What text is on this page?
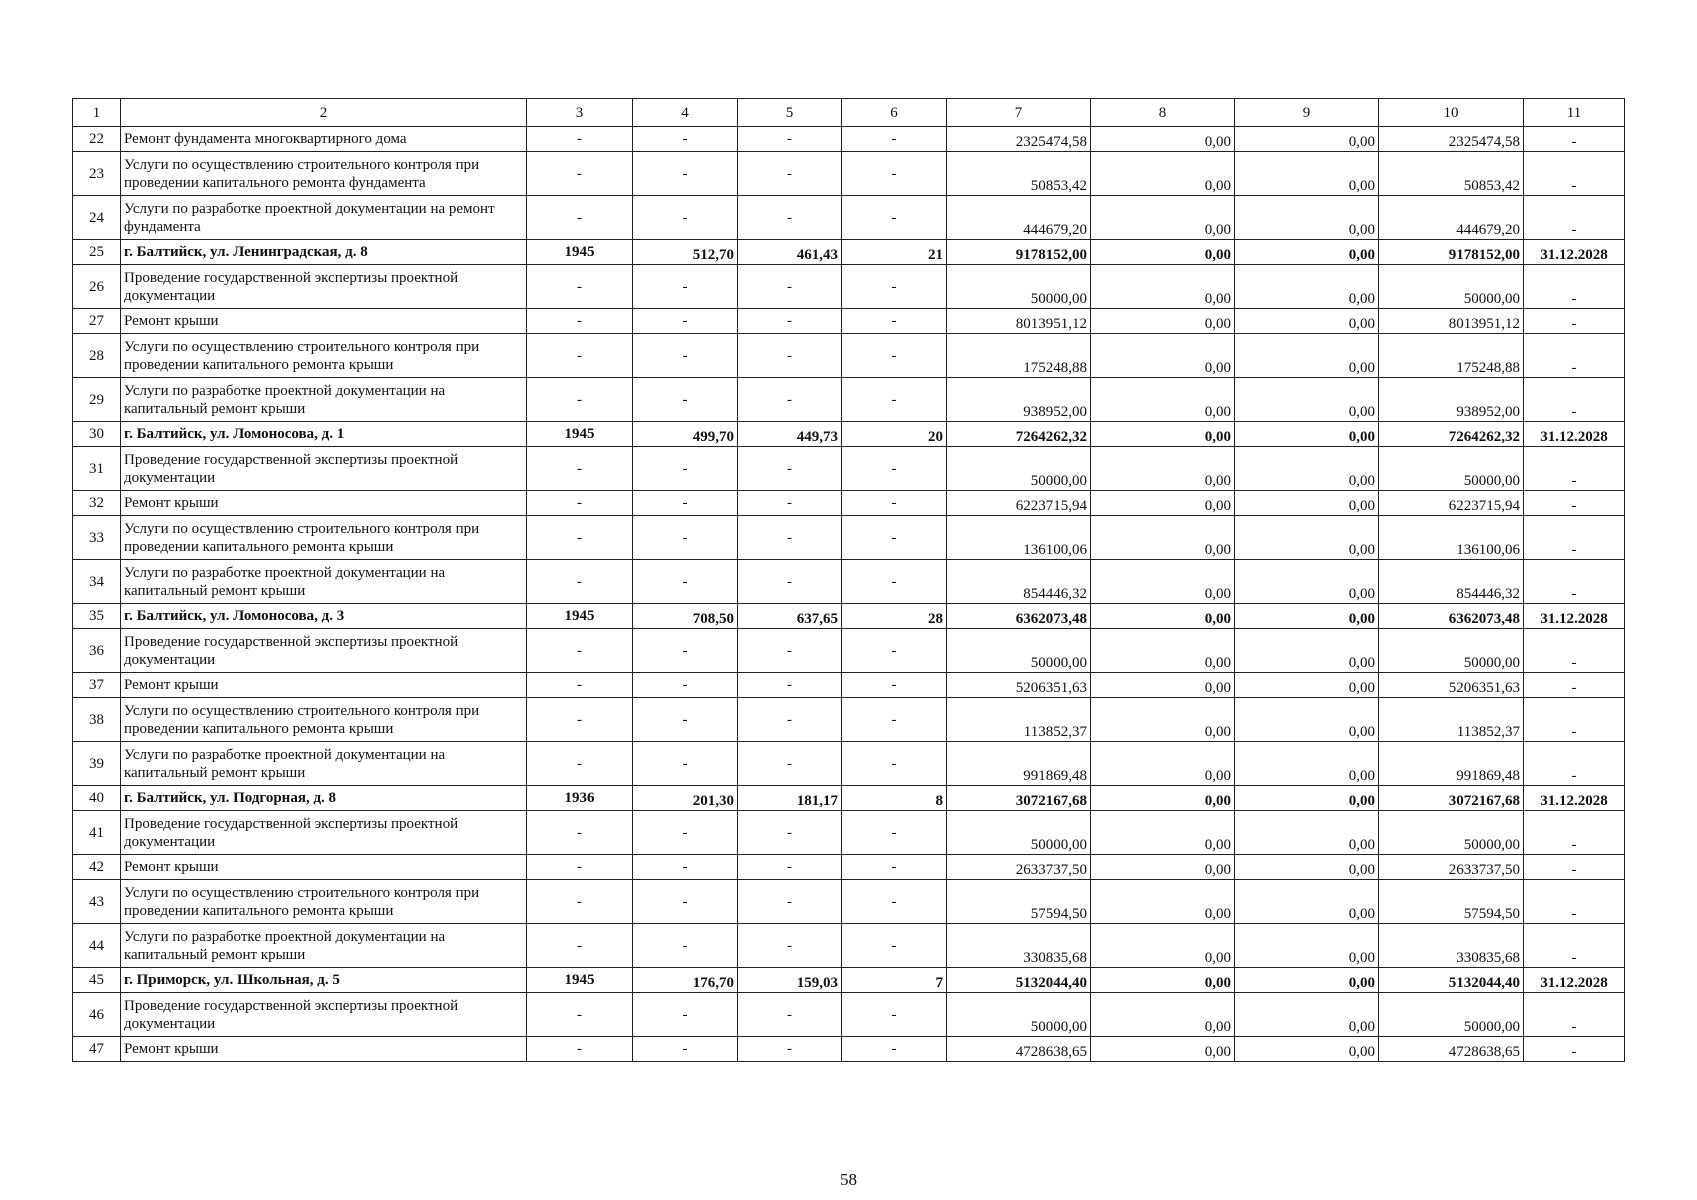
1	2	3	4	5	6	7	8	9	10	11
22	Ремонт фундамента многоквартирного дома	-	-	-	-	2325474,58	0,00	0,00	2325474,58	-
23	Услуги по осуществлению строительного контроля при проведении капитального ремонта фундамента	-	-	-	-	50853,42	0,00	0,00	50853,42	-
24	Услуги по разработке проектной документации на ремонт фундамента	-	-	-	-	444679,20	0,00	0,00	444679,20	-
25	г. Балтийск, ул. Ленинградская, д. 8	1945	512,70	461,43	21	9178152,00	0,00	0,00	9178152,00	31.12.2028
26	Проведение государственной экспертизы проектной документации	-	-	-	-	50000,00	0,00	0,00	50000,00	-
27	Ремонт крыши	-	-	-	-	8013951,12	0,00	0,00	8013951,12	-
28	Услуги по осуществлению строительного контроля при проведении капитального ремонта крыши	-	-	-	-	175248,88	0,00	0,00	175248,88	-
29	Услуги по разработке проектной документации на капитальный ремонт крыши	-	-	-	-	938952,00	0,00	0,00	938952,00	-
30	г. Балтийск, ул. Ломоносова, д. 1	1945	499,70	449,73	20	7264262,32	0,00	0,00	7264262,32	31.12.2028
31	Проведение государственной экспертизы проектной документации	-	-	-	-	50000,00	0,00	0,00	50000,00	-
32	Ремонт крыши	-	-	-	-	6223715,94	0,00	0,00	6223715,94	-
33	Услуги по осуществлению строительного контроля при проведении капитального ремонта крыши	-	-	-	-	136100,06	0,00	0,00	136100,06	-
34	Услуги по разработке проектной документации на капитальный ремонт крыши	-	-	-	-	854446,32	0,00	0,00	854446,32	-
35	г. Балтийск, ул. Ломоносова, д. 3	1945	708,50	637,65	28	6362073,48	0,00	0,00	6362073,48	31.12.2028
36	Проведение государственной экспертизы проектной документации	-	-	-	-	50000,00	0,00	0,00	50000,00	-
37	Ремонт крыши	-	-	-	-	5206351,63	0,00	0,00	5206351,63	-
38	Услуги по осуществлению строительного контроля при проведении капитального ремонта крыши	-	-	-	-	113852,37	0,00	0,00	113852,37	-
39	Услуги по разработке проектной документации на капитальный ремонт крыши	-	-	-	-	991869,48	0,00	0,00	991869,48	-
40	г. Балтийск, ул. Подгорная, д. 8	1936	201,30	181,17	8	3072167,68	0,00	0,00	3072167,68	31.12.2028
41	Проведение государственной экспертизы проектной документации	-	-	-	-	50000,00	0,00	0,00	50000,00	-
42	Ремонт крыши	-	-	-	-	2633737,50	0,00	0,00	2633737,50	-
43	Услуги по осуществлению строительного контроля при проведении капитального ремонта крыши	-	-	-	-	57594,50	0,00	0,00	57594,50	-
44	Услуги по разработке проектной документации на капитальный ремонт крыши	-	-	-	-	330835,68	0,00	0,00	330835,68	-
45	г. Приморск, ул. Школьная, д. 5	1945	176,70	159,03	7	5132044,40	0,00	0,00	5132044,40	31.12.2028
46	Проведение государственной экспертизы проектной документации	-	-	-	-	50000,00	0,00	0,00	50000,00	-
47	Ремонт крыши	-	-	-	-	4728638,65	0,00	0,00	4728638,65	-
58
